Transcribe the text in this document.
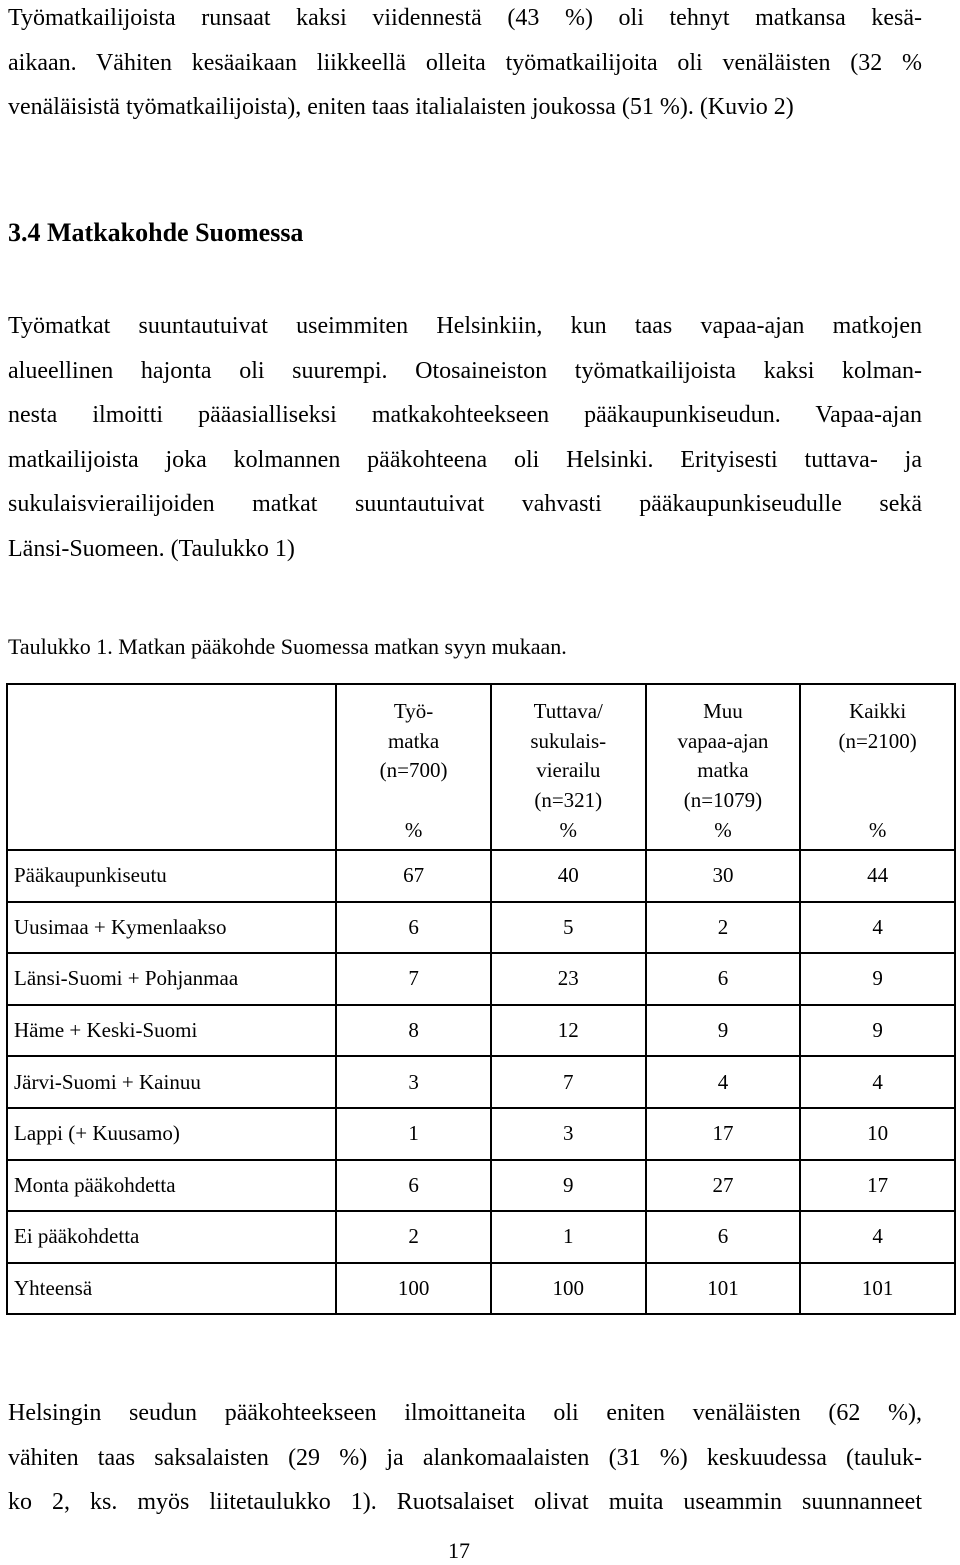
Työmatkailijoista runsaat kaksi viidennestä (43 %) oli tehnyt matkansa kesä-
aikaan. Vähiten kesäaikaan liikkeellä olleita työmatkailijoita oli venäläisten (32 %
venäläisistä työmatkailijoista), eniten taas italialaisten joukossa (51 %). (Kuvio 2)
3.4 Matkakohde Suomessa
Työmatkat suuntautuivat useimmiten Helsinkiin, kun taas vapaa-ajan matkojen
alueellinen hajonta oli suurempi. Otosaineiston työmatkailijoista kaksi kolman-
nesta ilmoitti pääasialliseksi matkakohteekseen pääkaupunkiseudun. Vapaa-ajan
matkailijoista joka kolmannen pääkohteena oli Helsinki. Erityisesti tuttava- ja
sukulaisvierailijoiden matkat suuntautuivat vahvasti pääkaupunkiseudulle sekä
Länsi-Suomeen. (Taulukko 1)
Taulukko 1. Matkan pääkohde Suomessa matkan syyn mukaan.

	Työ-
matka
(n=700)
%	Tuttava/
sukulais-
vierailu
(n=321)
%	Muu
vapaa-ajan
matka
(n=1079)
%	Kaikki
(n=2100)
%

Pääkaupunkiseutu	67	40	30	44
Uusimaa + Kymenlaakso	6	5	2	4
Länsi-Suomi + Pohjanmaa	7	23	6	9
Häme + Keski-Suomi	8	12	9	9
Järvi-Suomi + Kainuu	3	7	4	4
Lappi (+ Kuusamo)	1	3	17	10
Monta pääkohdetta	6	9	27	17
Ei pääkohdetta	2	1	6	4
Yhteensä	100	100	101	101
Helsingin seudun pääkohteekseen ilmoittaneita oli eniten venäläisten (62 %),
vähiten taas saksalaisten (29 %) ja alankomaalaisten (31 %) keskuudessa (tauluk-
ko 2, ks. myös liitetaulukko 1). Ruotsalaiset olivat muita useammin suunnanneet
17
